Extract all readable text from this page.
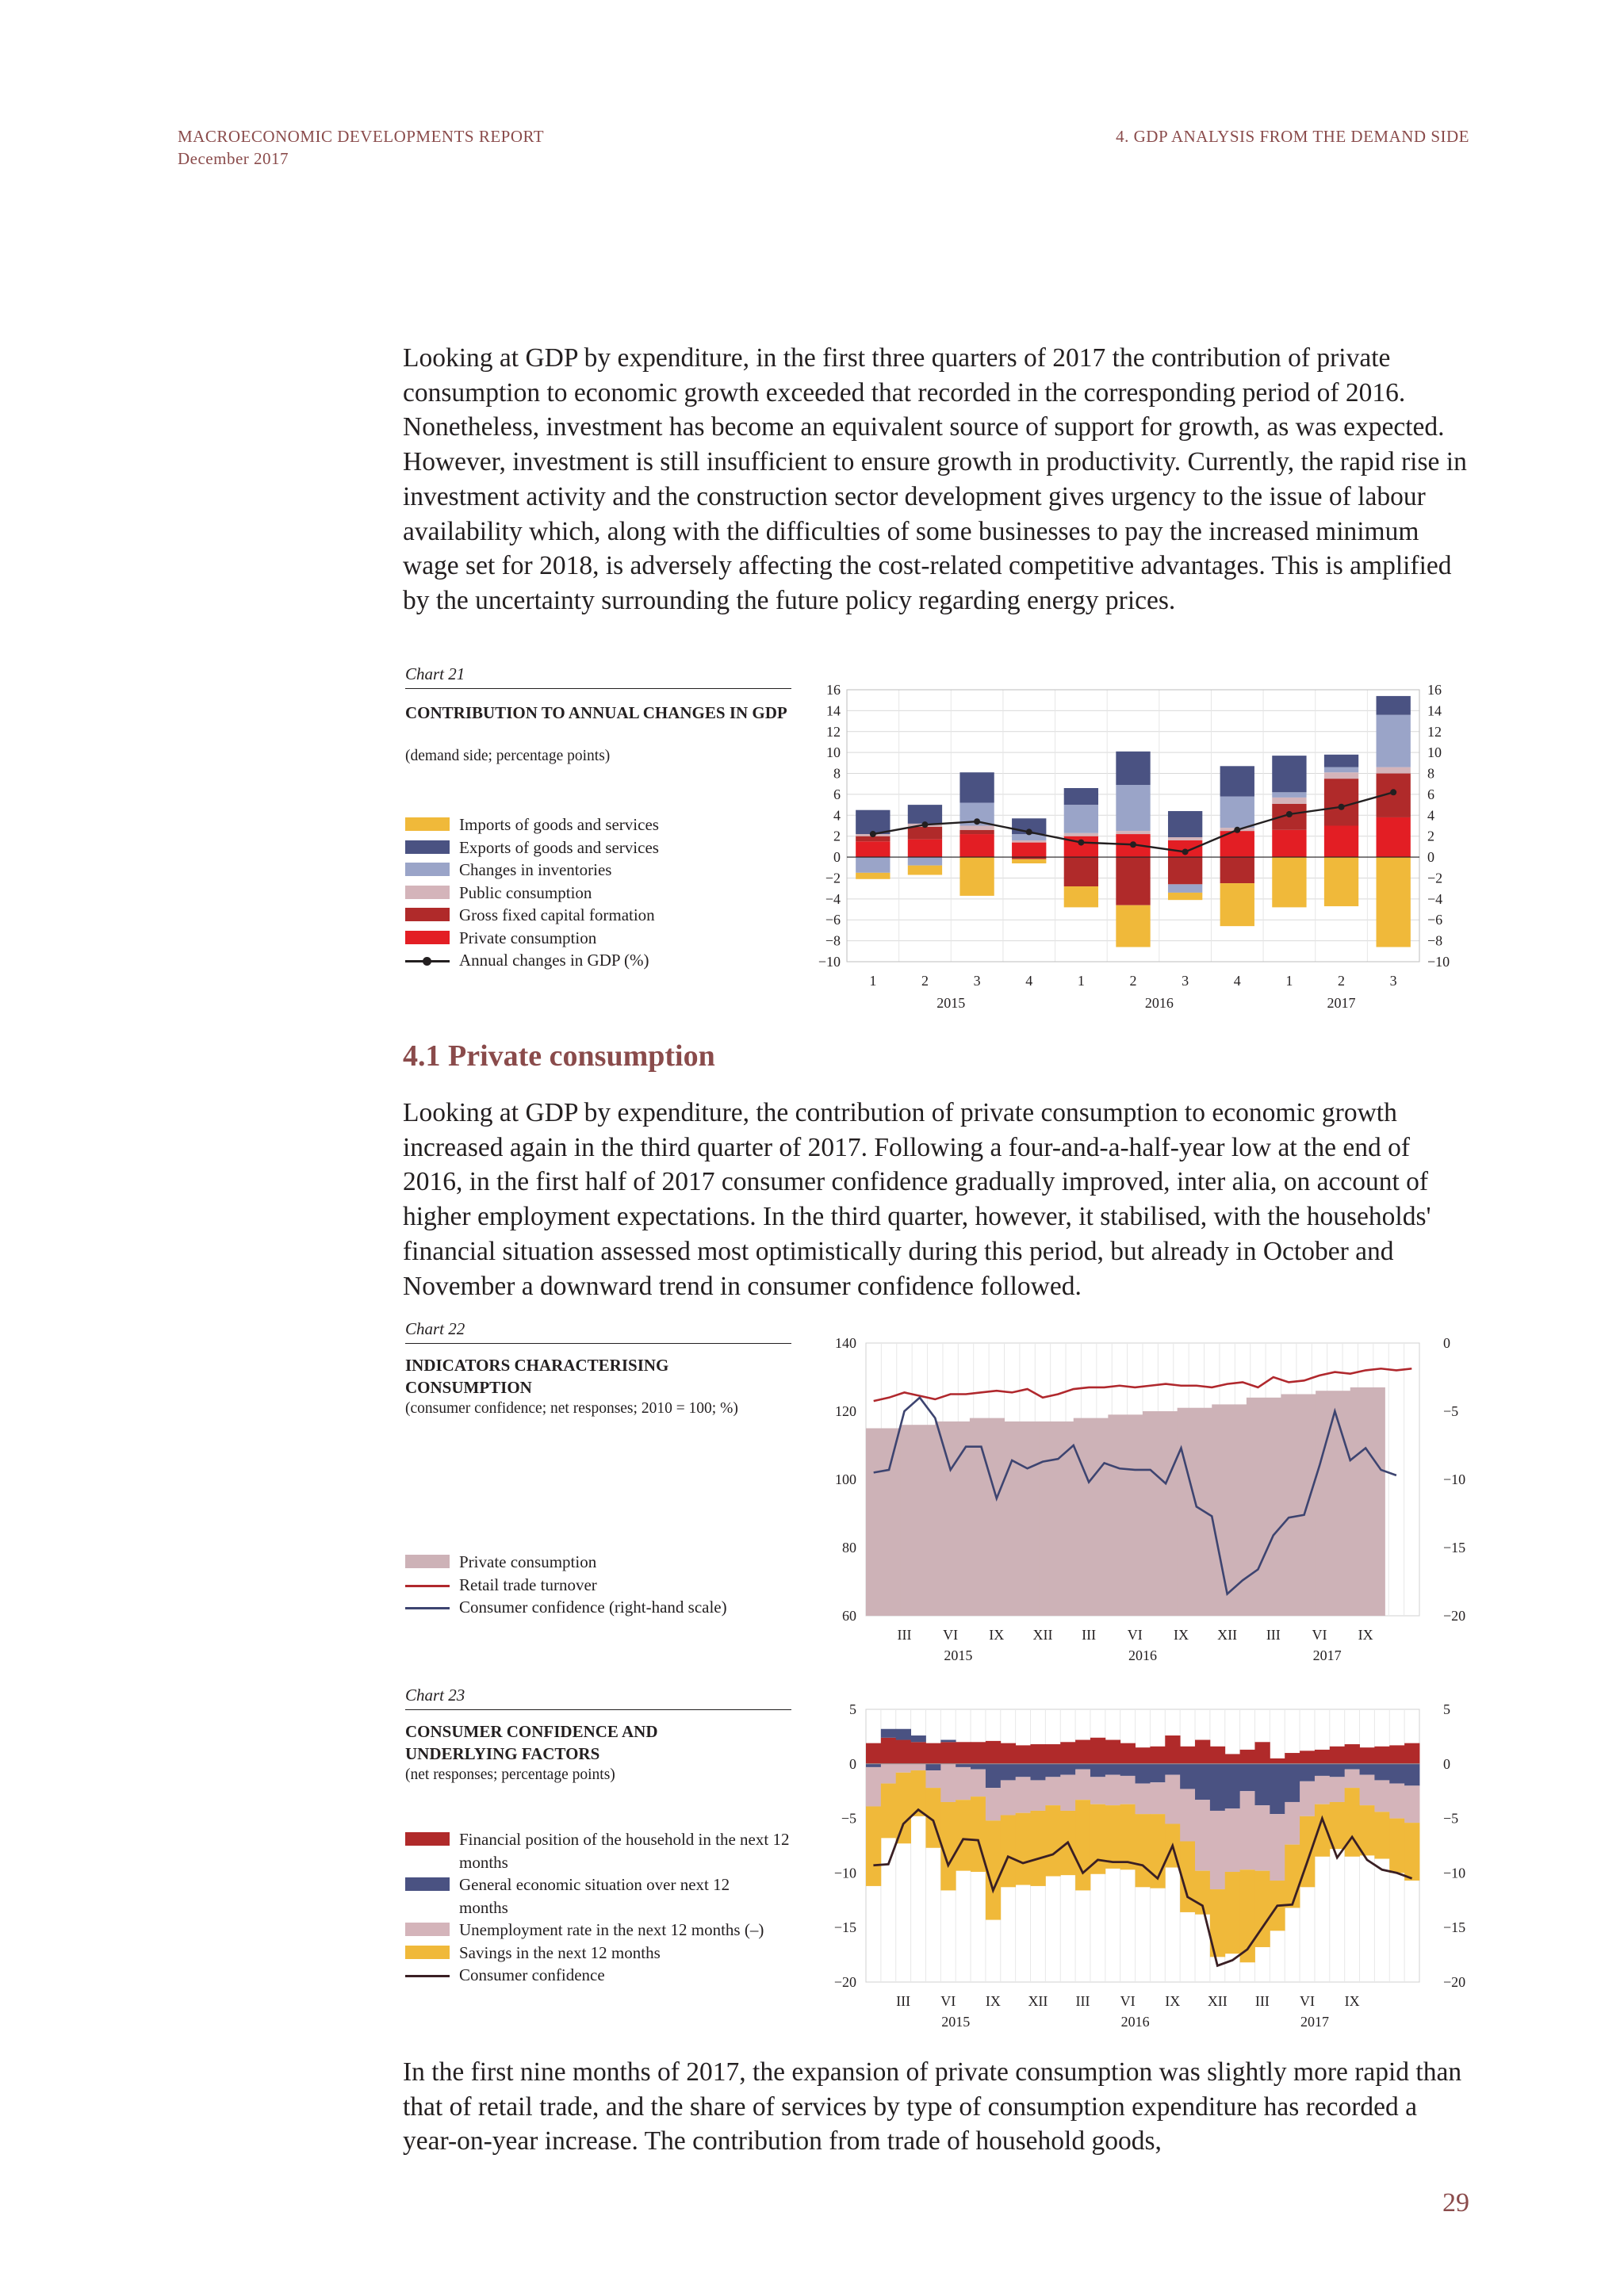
MACROECONOMIC DEVELOPMENTS REPORT
December 2017
4. GDP ANALYSIS FROM THE DEMAND SIDE

Looking at GDP by expenditure, in the first three quarters of 2017 the contribution of private consumption to economic growth exceeded that recorded in the corresponding period of 2016. Nonetheless, investment has become an equivalent source of support for growth, as was expected. However, investment is still insufficient to ensure growth in productivity. Currently, the rapid rise in investment activity and the construction sector development gives urgency to the issue of labour availability which, along with the difficulties of some businesses to pay the increased minimum wage set for 2018, is adversely affecting the cost-related competitive advantages. This is amplified by the uncertainty surrounding the future policy regarding energy prices.

Chart 21
CONTRIBUTION TO ANNUAL CHANGES IN GDP
(demand side; percentage points)
Imports of goods and services
Exports of goods and services
Changes in inventories
Public consumption
Gross fixed capital formation
Private consumption
Annual changes in GDP (%)
16	16
14	14
12	12
10	10
8	8
6	6
4	4
2	2
0	0
−2	−2
−4	−4
−6	−6
−8	−8
−10	−10
1	2	3	4	1	2	3	4	1	2	3
2015	2016	2017
4.1 Private consumption

Looking at GDP by expenditure, the contribution of private consumption to economic growth increased again in the third quarter of 2017. Following a four-and-a-half-year low at the end of 2016, in the first half of 2017 consumer confidence gradually improved, inter alia, on account of higher employment expectations. In the third quarter, however, it stabilised, with the households' financial situation assessed most optimistically during this period, but already in October and November a downward trend in consumer confidence followed.

Chart 22
INDICATORS CHARACTERISING CONSUMPTION
(consumer confidence; net responses; 2010 = 100; %)
Private consumption
Retail trade turnover
Consumer confidence (right-hand scale)
140
120
100
80
60
0
−5
−10
−15
−20
III VI IX XII III VI IX XII III VI IX
2015	2016	2017
Chart 23
CONSUMER CONFIDENCE AND UNDERLYING FACTORS
(net responses; percentage points)
Financial position of the household in the next 12 months
General economic situation over next 12 months
Unemployment rate in the next 12 months (–)
Savings in the next 12 months
Consumer confidence
5	5
0	0
−5	−5
−10	−10
−15	−15
−20	−20
III VI IX XII III VI IX XII III VI IX
2015	2016	2017

In the first nine months of 2017, the expansion of private consumption was slightly more rapid than that of retail trade, and the share of services by type of consumption expenditure has recorded a year-on-year increase. The contribution from trade of household goods,

29
